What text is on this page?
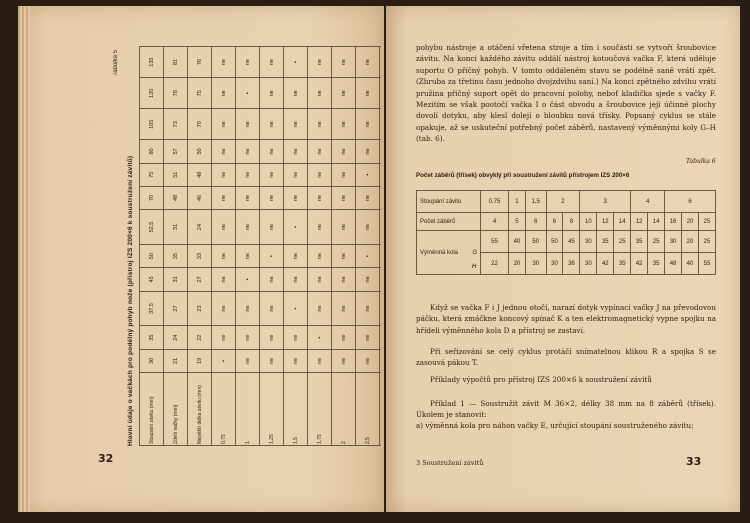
Tabulka 5
Hlavní údaje o vačkách pro podélný pohyb nože (přístroj IZS 200×6 k soustružení závitů)	Stoupání závitu (mm)	30	35	37,5	45	50	52,5	70	75	80	105	120	135
Zdvih vačky (mm)	21	24	27	31	35	31	48	51	57	73	78	81
Největší délka závitu (mm)	19	22	23	27	33	24	46	48	50	70	75	76
0,75	•	ne	ne	ne	ne	ne	ne	ne	ne	ne	ne	ne
1	ne	ne	ne	•	ne	ne	ne	ne	ne	ne	•	ne
1,25	ne	ne	ne	ne	•	ne	ne	ne	ne	ne	ne	ne
1,5	ne	ne	•	ne	ne	•	ne	ne	ne	ne	ne	•
1,75	ne	•	ne	ne	ne	ne	ne	ne	ne	ne	ne	ne
2	ne	ne	ne	ne	ne	ne	ne	ne	ne	ne	ne	ne
2,5	ne	ne	ne	ne	•	ne	ne	•	ne	ne	ne	ne

32
pohybu nástroje a otáčení vřetena stroje a tím i součásti se vytvoří šroubovice závitu. Na konci každého závitu oddálí nástroj kotoučová vačka F, která uděluje suportu O příčný pohyb. V tomto oddáleném stavu se podélně saně vrátí zpět. (Zhruba za třetinu času jednoho dvojzdvihu saní.) Na konci zpětného zdvihu vrátí pružina příčný suport opět do pracovní polohy, neboť kladička sjede s vačky F. Mezitím se však pootočí vačka I o část obvodu a šroubovice její účinné plochy dovolí dotyku, aby klesl dolejí o hloubku nová třísky. Popsaný cyklus se stále opakuje, až se uskuteční potřebný počet záběrů, nastavený výměnnými koly G–H (tab. 6).
Tabulka 6
Počet záběrů (třísek) obvyklý při soustružení závitů přístrojem IZS 200×6
Stoupání závitu	0,75	1	1,5	2		3			4		6		
Počet záběrů	4	5	6	6	8	10	12	14	12	14	16	20	25
Výměnná kola G	55	40	50	50	45	30	35	25	35	25	30	20	25
	22	20	30	30	36	30	42	35	42	35	48	40	55
Když se vačka F i J jednou otočí, narazí dotyk vypínací vačky J na převodovou páčku, která zmáčkne koncový spínač K a ten elektromagnetický vypne spojku na hřídeli výměnného kola D a přístroj se zastaví.
Při seřizování se celý cyklus protáčí snímatelnou klikou R a spojka S se zasouvá pákou T.
Příklady výpočtů pro přístroj IZS 200×6 k soustružení závitů
Příklad 1 — Soustružit závit M 36×2, délky 38 mm na 8 záběrů (třísek). Úkolem je stanovit:
a) výměnná kola pro náhon vačky E, určující stoupání soustruženého závitu;
3 Soustružení závitů	33
H
